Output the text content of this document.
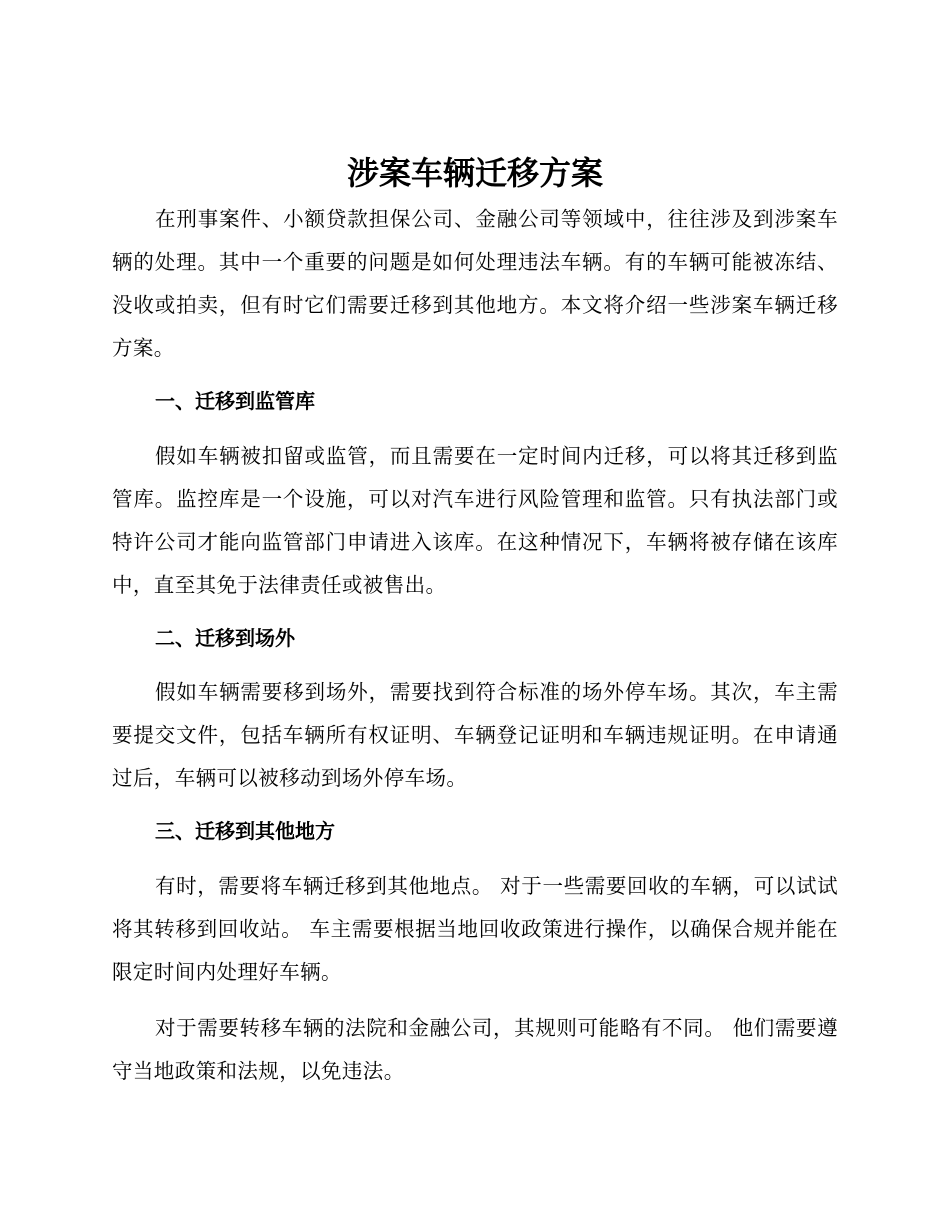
涉案车辆迁移方案

在刑事案件、小额贷款担保公司、金融公司等领域中，往往涉及到涉案车辆的处理。其中一个重要的问题是如何处理违法车辆。有的车辆可能被冻结、没收或拍卖，但有时它们需要迁移到其他地方。本文将介绍一些涉案车辆迁移方案。

一、迁移到监管库

假如车辆被扣留或监管，而且需要在一定时间内迁移，可以将其迁移到监管库。监控库是一个设施，可以对汽车进行风险管理和监管。只有执法部门或特许公司才能向监管部门申请进入该库。在这种情况下，车辆将被存储在该库中，直至其免于法律责任或被售出。

二、迁移到场外

假如车辆需要移到场外，需要找到符合标准的场外停车场。其次，车主需要提交文件，包括车辆所有权证明、车辆登记证明和车辆违规证明。在申请通过后，车辆可以被移动到场外停车场。

三、迁移到其他地方

有时，需要将车辆迁移到其他地点。 对于一些需要回收的车辆，可以试试将其转移到回收站。 车主需要根据当地回收政策进行操作，以确保合规并能在限定时间内处理好车辆。

对于需要转移车辆的法院和金融公司，其规则可能略有不同。 他们需要遵守当地政策和法规，以免违法。
